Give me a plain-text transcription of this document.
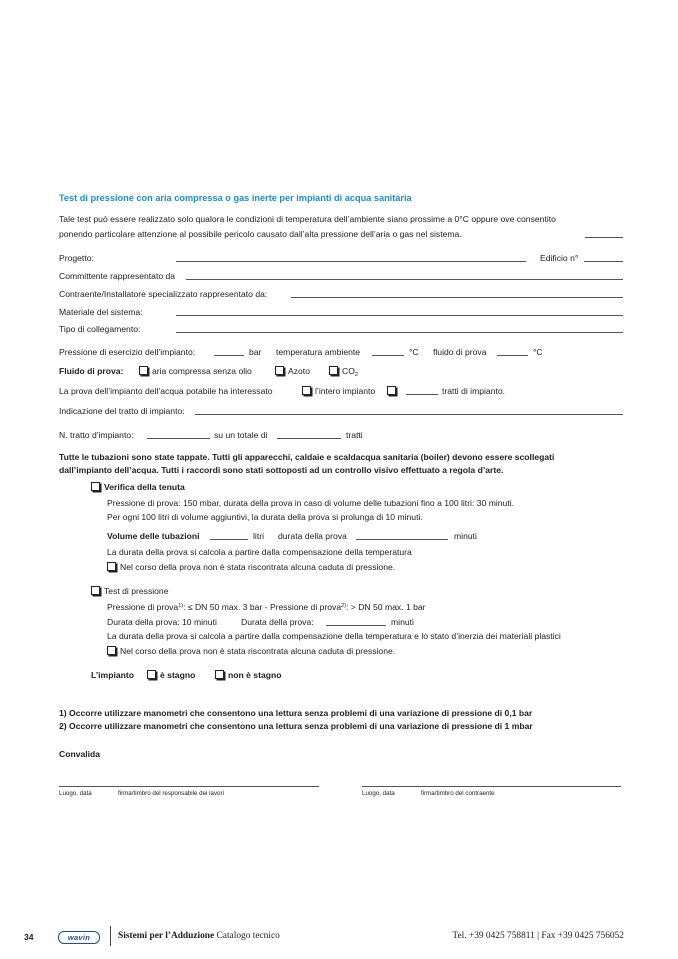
Test di pressione con aria compressa o gas inerte per impianti di acqua sanitaria
Tale test può essere realizzato solo qualora le condizioni di temperatura dell’ambiente siano prossime a 0°C oppure ove consentito
ponendo particolare attenzione al possibile pericolo causato dall’alta pressione dell’aria o gas nel sistema.
Progetto:	Edificio n°
Committente rappresentato da
Contraente/Installatore specializzato rappresentato da:
Materiale del sistema:
Tipo di collegamento:
Pressione di esercizio dell’impianto:	bar temperatura ambiente	°C fluido di prova	°C
Fluido di prova:	aria compressa senza olio	Azoto	$CO_2$
La prova dell’impianto dell’acqua potabile ha interessato	l’intero impianto	tratti di impianto.
Indicazione del tratto di impianto:
N. tratto d’impianto:	su un totale di	tratti
Tutte le tubazioni sono state tappate. Tutti gli apparecchi, caldaie e scaldacqua sanitaria (boiler) devono essere scollegati
dall’impianto dell’acqua. Tutti i raccordi sono stati sottoposti ad un controllo visivo effettuato a regola d’arte.
Verifica della tenuta
Pressione di prova: 150 mbar, durata della prova in caso di volume delle tubazioni fino a 100 litri: 30 minuti.
Per ogni 100 litri di volume aggiuntivi, la durata della prova si prolunga di 10 minuti.
Volume delle tubazioni	litri durata della prova	minuti
La durata della prova si calcola a partire dalla compensazione della temperatura
Nel corso della prova non è stata riscontrata alcuna caduta di pressione.
Test di pressione
Pressione di prova$^{1)}$: ≤ DN 50 max. 3 bar - Pressione di prova$^{2)}$: > DN 50 max. 1 bar
Durata della prova: 10 minuti	Durata della prova:	minuti
La durata della prova si calcola a partire dalla compensazione della temperatura e lo stato d’inerzia dei materiali plastici
Nel corso della prova non è stata riscontrata alcuna caduta di pressione.
L’impianto	è stagno	non è stagno
1) Occorre utilizzare manometri che consentono una lettura senza problemi di una variazione di pressione di 0,1 bar
2) Occorre utilizzare manometri che consentono una lettura senza problemi di una variazione di pressione di 1 mbar
Convalida
Luogo, data	firma/timbro del responsabile dei lavori	Luogo, data	firma/timbro del contraente
34	wavin	Sistemi per l’Adduzione Catalogo tecnico	Tel. +39 0425 758811 | Fax +39 0425 756052
